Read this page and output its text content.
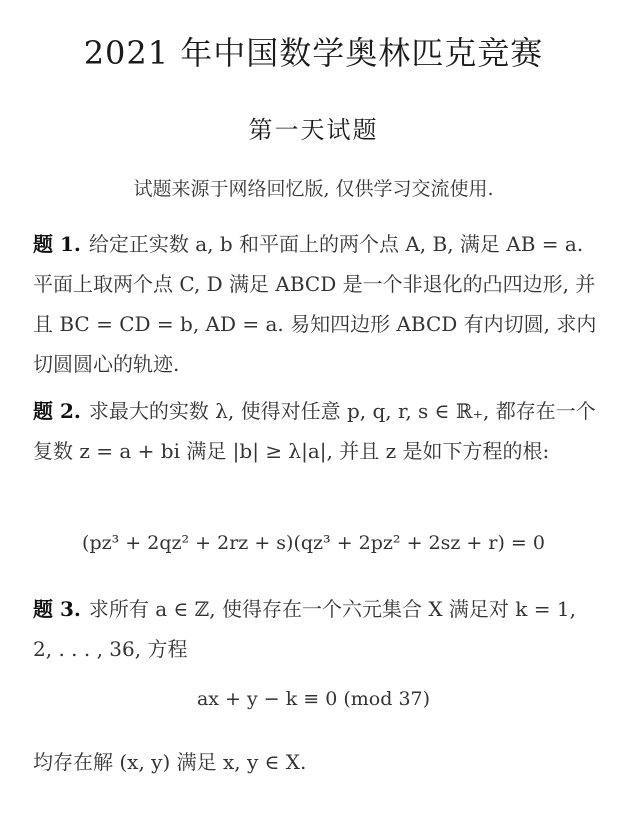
2021 年中国数学奥林匹克竞赛
第一天试题
试题来源于网络回忆版, 仅供学习交流使用.
题 1. 给定正实数 a, b 和平面上的两个点 A, B, 满足 AB = a. 平面上取两个点 C, D 满足 ABCD 是一个非退化的凸四边形, 并且 BC = CD = b, AD = a. 易知四边形 ABCD 有内切圆, 求内切圆圆心的轨迹.
题 2. 求最大的实数 λ, 使得对任意 p, q, r, s ∈ ℝ₊, 都存在一个复数 z = a + bi 满足 |b| ≥ λ|a|, 并且 z 是如下方程的根:
(pz³ + 2qz² + 2rz + s)(qz³ + 2pz² + 2sz + r) = 0
题 3. 求所有 a ∈ ℤ, 使得存在一个六元集合 X 满足对 k = 1, 2, . . . , 36, 方程
ax + y − k ≡ 0 (mod 37)
均存在解 (x, y) 满足 x, y ∈ X.
